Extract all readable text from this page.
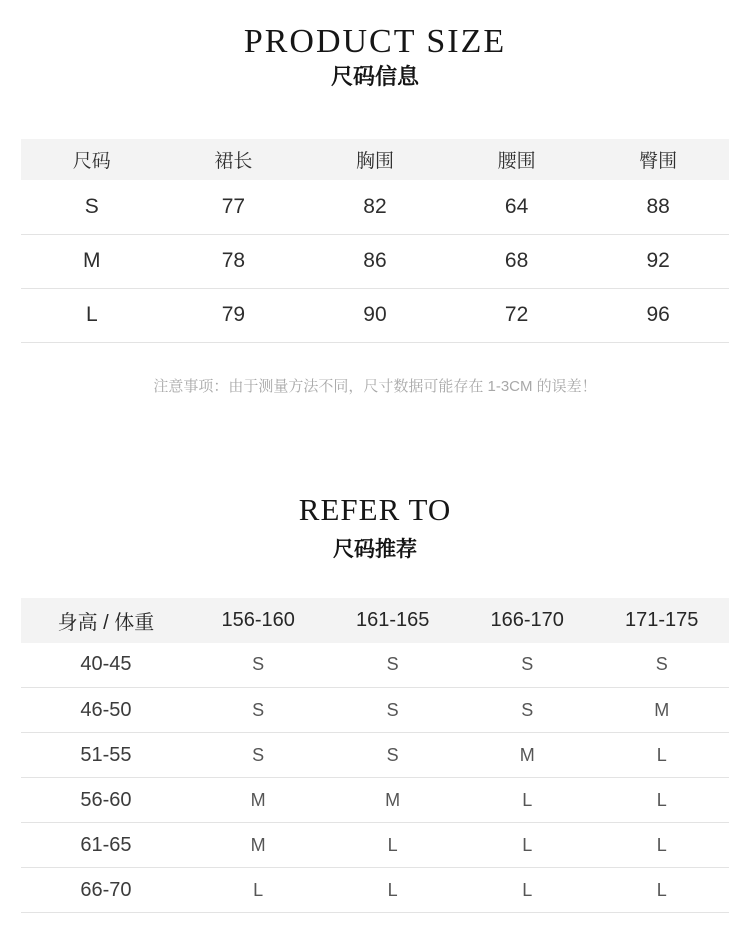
PRODUCT SIZE
尺码信息
尺码	裙长	胸围	腰围	臀围
S	77	82	64	88
M	78	86	68	92
L	79	90	72	96

注意事项：由于测量方法不同，尺寸数据可能存在 1-3CM 的误差！

REFER TO
尺码推荐
身高 / 体重	156-160	161-165	166-170	171-175
40-45	S	S	S	S
46-50	S	S	S	M
51-55	S	S	M	L
56-60	M	M	L	L
61-65	M	L	L	L
66-70	L	L	L	L
